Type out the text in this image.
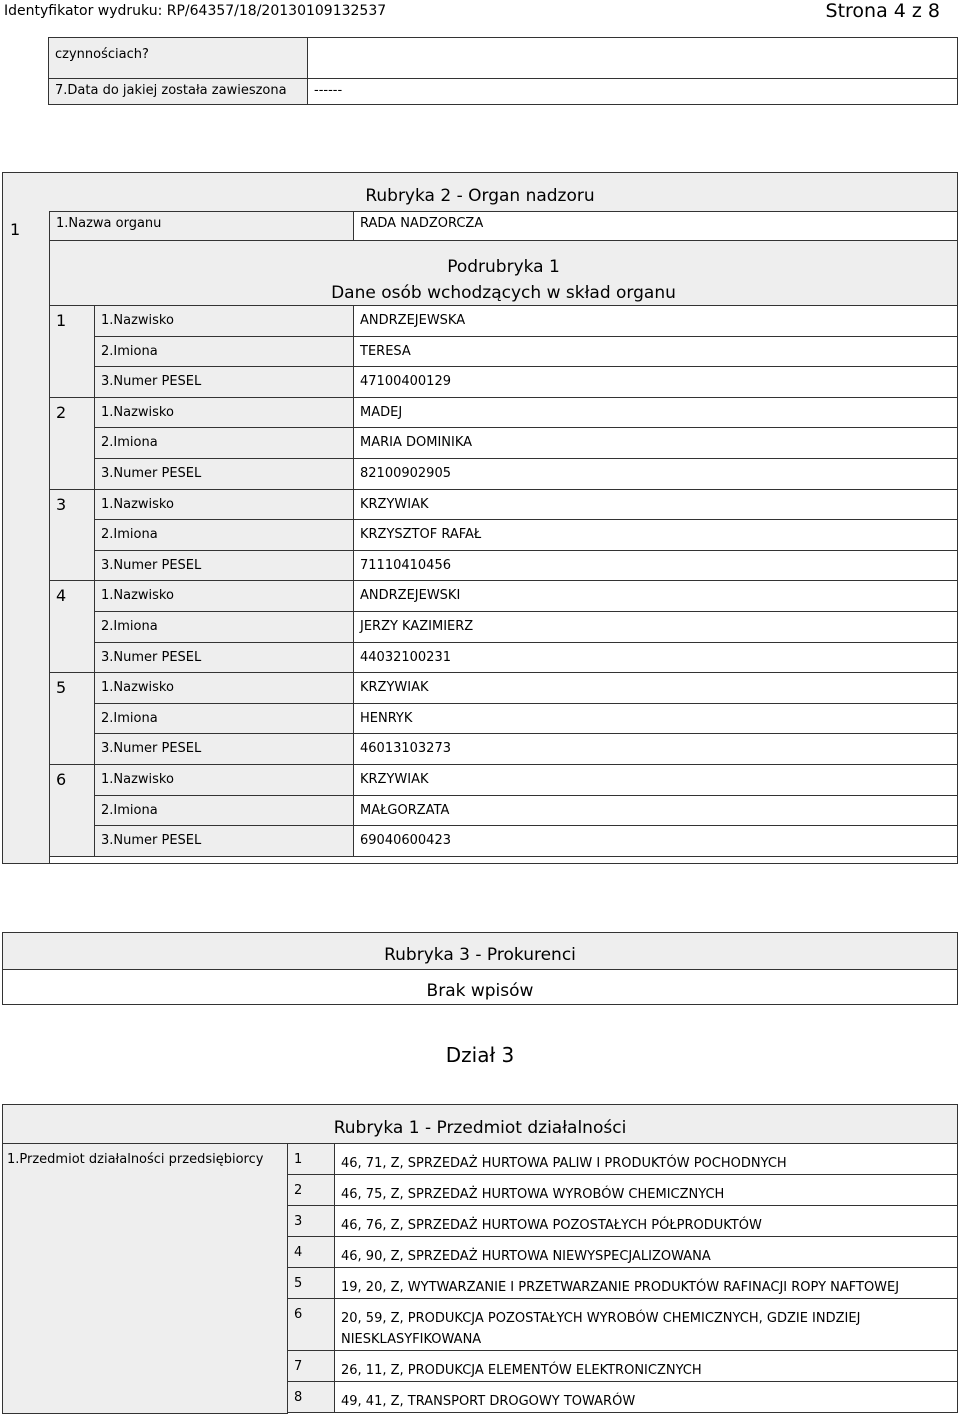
Identyfikator wydruku: RP/64357/18/20130109132537	Strona 4 z 8
czynnościach?
7.Data do jakiej została zawieszona	------
Rubryka 2 - Organ nadzoru
1	1.Nazwa organu	RADA NADZORCZA
Podrubryka 1
Dane osób wchodzących w skład organu
1	1.Nazwisko	ANDRZEJEWSKA
2.Imiona	TERESA
3.Numer PESEL	47100400129
2	1.Nazwisko	MADEJ
2.Imiona	MARIA DOMINIKA
3.Numer PESEL	82100902905
3	1.Nazwisko	KRZYWIAK
2.Imiona	KRZYSZTOF RAFAŁ
3.Numer PESEL	71110410456
4	1.Nazwisko	ANDRZEJEWSKI
2.Imiona	JERZY KAZIMIERZ
3.Numer PESEL	44032100231
5	1.Nazwisko	KRZYWIAK
2.Imiona	HENRYK
3.Numer PESEL	46013103273
6	1.Nazwisko	KRZYWIAK
2.Imiona	MAŁGORZATA
3.Numer PESEL	69040600423
Rubryka 3 - Prokurenci
Brak wpisów
Dział 3
Rubryka 1 - Przedmiot działalności
1.Przedmiot działalności przedsiębiorcy	1	46, 71, Z, SPRZEDAŻ HURTOWA PALIW I PRODUKTÓW POCHODNYCH
2	46, 75, Z, SPRZEDAŻ HURTOWA WYROBÓW CHEMICZNYCH
3	46, 76, Z, SPRZEDAŻ HURTOWA POZOSTAŁYCH PÓŁPRODUKTÓW
4	46, 90, Z, SPRZEDAŻ HURTOWA NIEWYSPECJALIZOWANA
5	19, 20, Z, WYTWARZANIE I PRZETWARZANIE PRODUKTÓW RAFINACJI ROPY NAFTOWEJ
6	20, 59, Z, PRODUKCJA POZOSTAŁYCH WYROBÓW CHEMICZNYCH, GDZIE INDZIEJ NIESKLASYFIKOWANA
7	26, 11, Z, PRODUKCJA ELEMENTÓW ELEKTRONICZNYCH
8	49, 41, Z, TRANSPORT DROGOWY TOWARÓW
